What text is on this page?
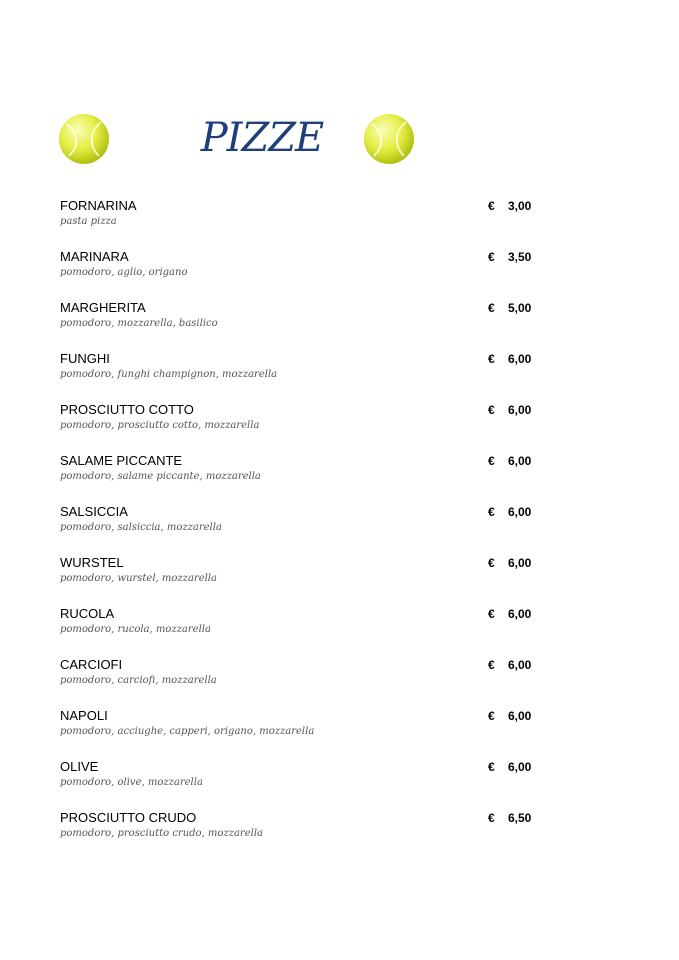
PIZZE
FORNARINA
pasta pizza
€ 3,00
MARINARA
pomodoro, aglio, origano
€ 3,50
MARGHERITA
pomodoro, mozzarella, basilico
€ 5,00
FUNGHI
pomodoro, funghi champignon, mozzarella
€ 6,00
PROSCIUTTO COTTO
pomodoro, prosciutto cotto, mozzarella
€ 6,00
SALAME PICCANTE
pomodoro, salame piccante, mozzarella
€ 6,00
SALSICCIA
pomodoro, salsiccia, mozzarella
€ 6,00
WURSTEL
pomodoro, wurstel, mozzarella
€ 6,00
RUCOLA
pomodoro, rucola, mozzarella
€ 6,00
CARCIOFI
pomodoro, carciofi, mozzarella
€ 6,00
NAPOLI
pomodoro, acciughe, capperi, origano, mozzarella
€ 6,00
OLIVE
pomodoro, olive, mozzarella
€ 6,00
PROSCIUTTO CRUDO
pomodoro, prosciutto crudo, mozzarella
€ 6,50
